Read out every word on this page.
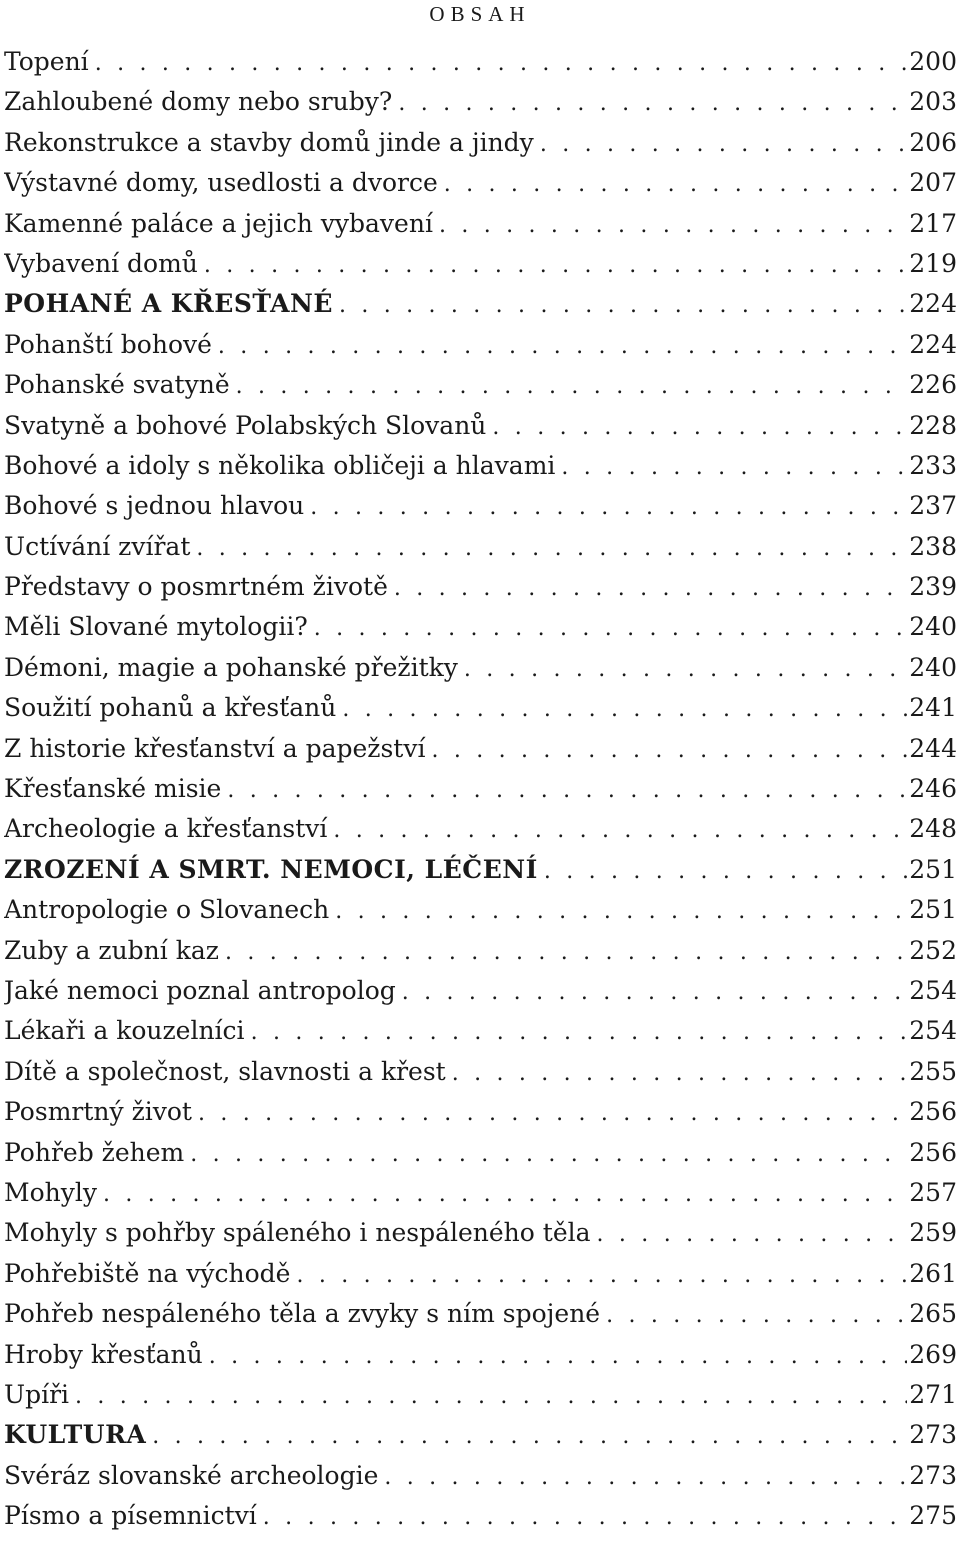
OBSAH
Topení . . .	200
Zahloubené domy nebo sruby? . . .	203
Rekonstrukce a stavby domů jinde a jindy . . .	206
Výstavné domy, usedlosti a dvorce . . .	207
Kamenné paláce a jejich vybavení . . .	217
Vybavení domů . . .	219
POHANÉ A KŘESŤANÉ . . .	224
Pohanští bohové . . .	224
Pohanské svatyně . . .	226
Svatyně a bohové Polabských Slovanů . . .	228
Bohové a idoly s několika obličeji a hlavami . . .	233
Bohové s jednou hlavou . . .	237
Uctívání zvířat . . .	238
Představy o posmrtném životě . . .	239
Měli Slované mytologii? . . .	240
Démoni, magie a pohanské přežitky . . .	240
Soužití pohanů a křesťanů . . .	241
Z historie křesťanství a papežství . . .	244
Křesťanské misie . . .	246
Archeologie a křesťanství . . .	248
ZROZENÍ A SMRT. NEMOCI, LÉČENÍ . . .	251
Antropologie o Slovanech . . .	251
Zuby a zubní kaz . . .	252
Jaké nemoci poznal antropolog . . .	254
Lékaři a kouzelníci . . .	254
Dítě a společnost, slavnosti a křest . . .	255
Posmrtný život . . .	256
Pohřeb žehem . . .	256
Mohyly . . .	257
Mohyly s pohřby spáleného i nespáleného těla . . .	259
Pohřebiště na východě . . .	261
Pohřeb nespáleného těla a zvyky s ním spojené . . .	265
Hroby křesťanů . . .	269
Upíři . . .	271
KULTURA . . .	273
Svéráz slovanské archeologie . . .	273
Písmo a písemnictví . . .	275
